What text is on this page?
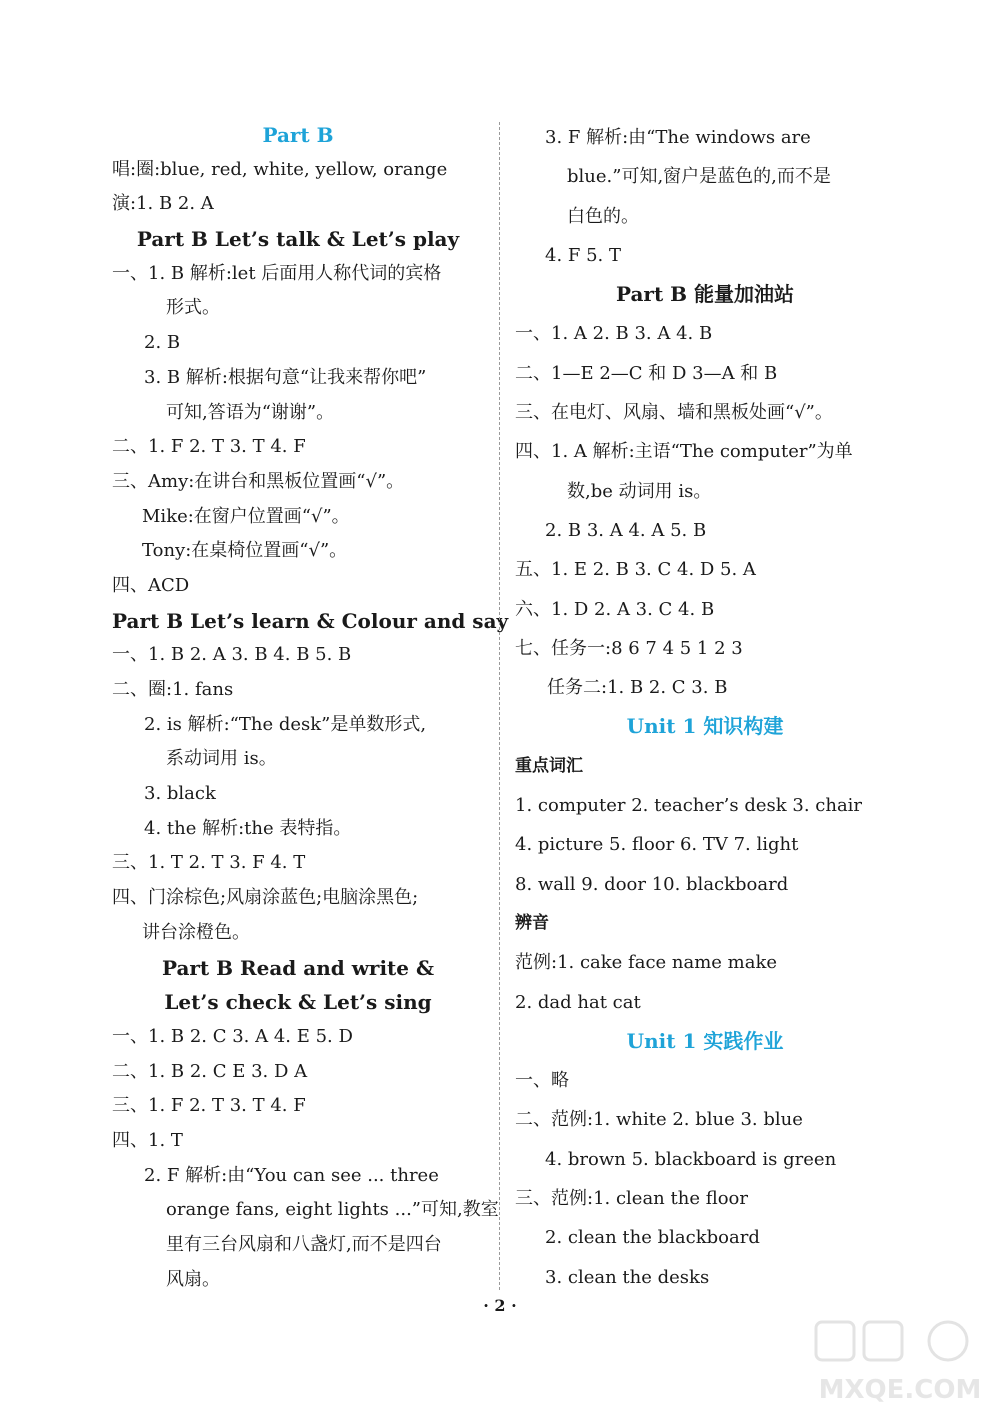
Part B
唱:圈:blue, red, white, yellow, orange
演:1. B 2. A
Part B Let’s talk & Let’s play
一、1. B 解析:let 后面用人称代词的宾格
形式。
2. B
3. B 解析:根据句意“让我来帮你吧”
可知,答语为“谢谢”。
二、1. F 2. T 3. T 4. F
三、Amy:在讲台和黑板位置画“√”。
Mike:在窗户位置画“√”。
Tony:在桌椅位置画“√”。
四、ACD
Part B Let’s learn & Colour and say
一、1. B 2. A 3. B 4. B 5. B
二、圈:1. fans
2. is 解析:“The desk”是单数形式,
系动词用 is。
3. black
4. the 解析:the 表特指。
三、1. T 2. T 3. F 4. T
四、门涂棕色;风扇涂蓝色;电脑涂黑色;
讲台涂橙色。
Part B Read and write &
Let’s check & Let’s sing
一、1. B 2. C 3. A 4. E 5. D
二、1. B 2. C E 3. D A
三、1. F 2. T 3. T 4. F
四、1. T
2. F 解析:由“You can see ... three
orange fans, eight lights ...”可知,教室
里有三台风扇和八盏灯,而不是四台
风扇。
3. F 解析:由“The windows are
blue.”可知,窗户是蓝色的,而不是
白色的。
4. F 5. T
Part B 能量加油站
一、1. A 2. B 3. A 4. B
二、1—E 2—C 和 D 3—A 和 B
三、在电灯、风扇、墙和黑板处画“√”。
四、1. A 解析:主语“The computer”为单
数,be 动词用 is。
2. B 3. A 4. A 5. B
五、1. E 2. B 3. C 4. D 5. A
六、1. D 2. A 3. C 4. B
七、任务一:8 6 7 4 5 1 2 3
任务二:1. B 2. C 3. B
Unit 1 知识构建
重点词汇
1. computer 2. teacher’s desk 3. chair
4. picture 5. floor 6. TV 7. light
8. wall 9. door 10. blackboard
辨音
范例:1. cake face name make
2. dad hat cat
Unit 1 实践作业
一、略
二、范例:1. white 2. blue 3. blue
4. brown 5. blackboard is green
三、范例:1. clean the floor
2. clean the blackboard
3. clean the desks
· 2 ·
MXQE.COM
